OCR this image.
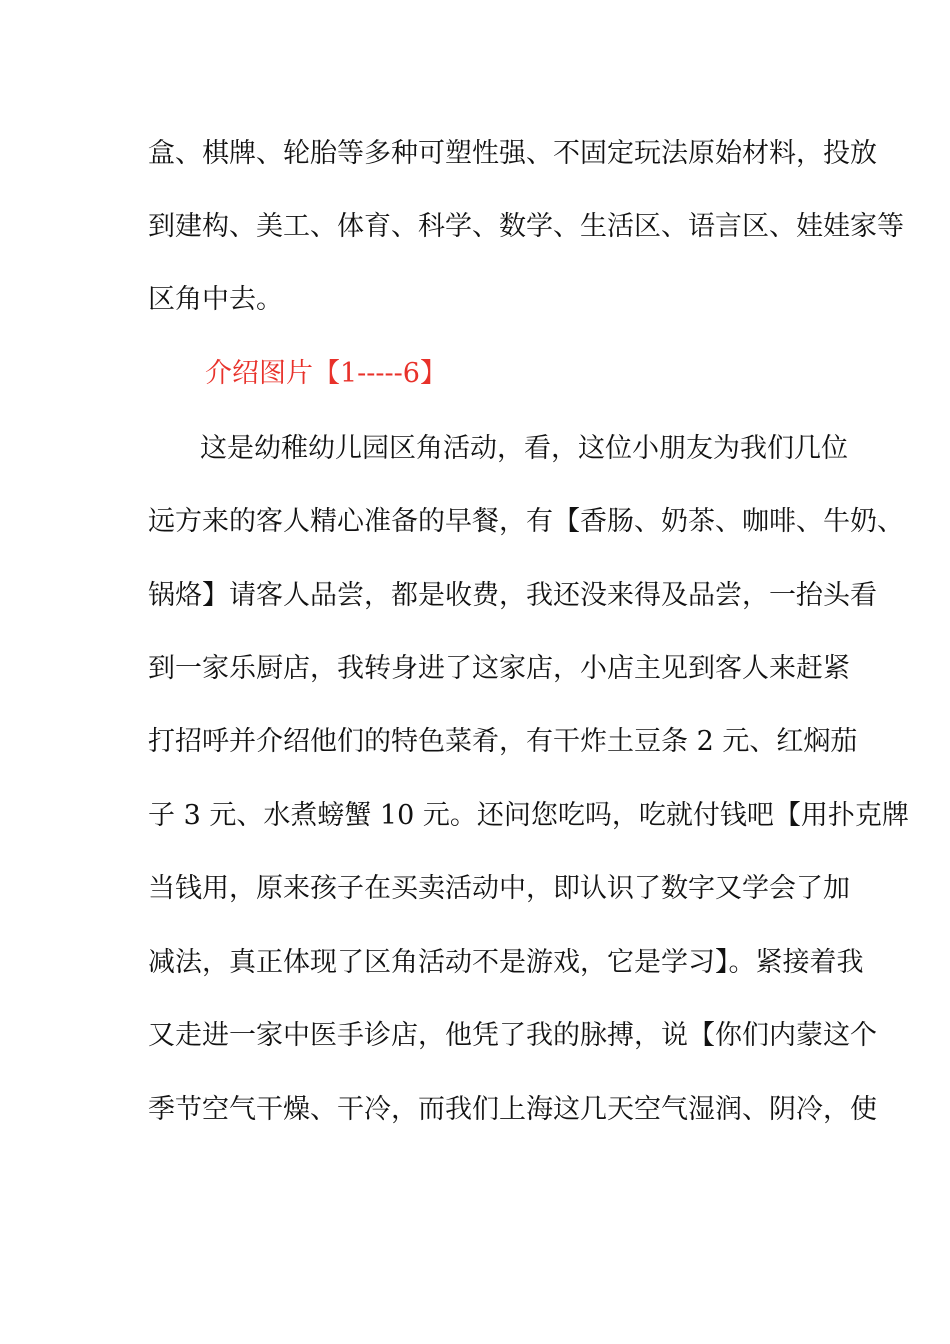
盒、棋牌、轮胎等多种可塑性强、不固定玩法原始材料，投放
到建构、美工、体育、科学、数学、生活区、语言区、娃娃家等
区角中去。
介绍图片【1-----6】
这是幼稚幼儿园区角活动，看，这位小朋友为我们几位
远方来的客人精心准备的早餐，有【香肠、奶茶、咖啡、牛奶、
锅烙】请客人品尝，都是收费，我还没来得及品尝，一抬头看
到一家乐厨店，我转身进了这家店，小店主见到客人来赶紧
打招呼并介绍他们的特色菜肴，有干炸土豆条 2 元、红焖茄
子 3 元、水煮螃蟹 10 元。还问您吃吗，吃就付钱吧【用扑克牌
当钱用，原来孩子在买卖活动中，即认识了数字又学会了加
减法，真正体现了区角活动不是游戏，它是学习】。紧接着我
又走进一家中医手诊店，他凭了我的脉搏，说【你们内蒙这个
季节空气干燥、干冷，而我们上海这几天空气湿润、阴冷，使
